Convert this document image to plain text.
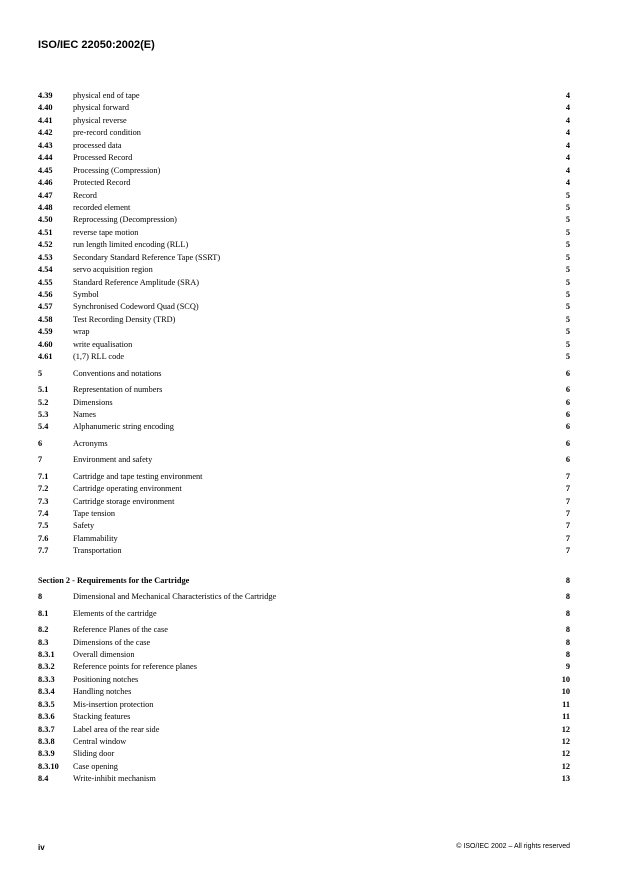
ISO/IEC 22050:2002(E)
4.39	physical end of tape	4
4.40	physical forward	4
4.41	physical reverse	4
4.42	pre-record condition	4
4.43	processed data	4
4.44	Processed Record	4
4.45	Processing (Compression)	4
4.46	Protected Record	4
4.47	Record	5
4.48	recorded element	5
4.50	Reprocessing (Decompression)	5
4.51	reverse tape motion	5
4.52	run length limited encoding (RLL)	5
4.53	Secondary Standard Reference Tape (SSRT)	5
4.54	servo acquisition region	5
4.55	Standard Reference Amplitude (SRA)	5
4.56	Symbol	5
4.57	Synchronised Codeword Quad (SCQ)	5
4.58	Test Recording Density (TRD)	5
4.59	wrap	5
4.60	write equalisation	5
4.61	(1,7) RLL code	5
5	Conventions and notations	6
5.1	Representation of numbers	6
5.2	Dimensions	6
5.3	Names	6
5.4	Alphanumeric string encoding	6
6	Acronyms	6
7	Environment and safety	6
7.1	Cartridge and tape testing environment	7
7.2	Cartridge operating environment	7
7.3	Cartridge storage environment	7
7.4	Tape tension	7
7.5	Safety	7
7.6	Flammability	7
7.7	Transportation	7
Section 2 - Requirements for the Cartridge	8
8	Dimensional and Mechanical Characteristics of the Cartridge	8
8.1	Elements of the cartridge	8
8.2	Reference Planes of the case	8
8.3	Dimensions of the case	8
8.3.1	Overall dimension	8
8.3.2	Reference points for reference planes	9
8.3.3	Positioning notches	10
8.3.4	Handling notches	10
8.3.5	Mis-insertion protection	11
8.3.6	Stacking features	11
8.3.7	Label area of the rear side	12
8.3.8	Central window	12
8.3.9	Sliding door	12
8.3.10	Case opening	12
8.4	Write-inhibit mechanism	13
iv	© ISO/IEC 2002 – All rights reserved
